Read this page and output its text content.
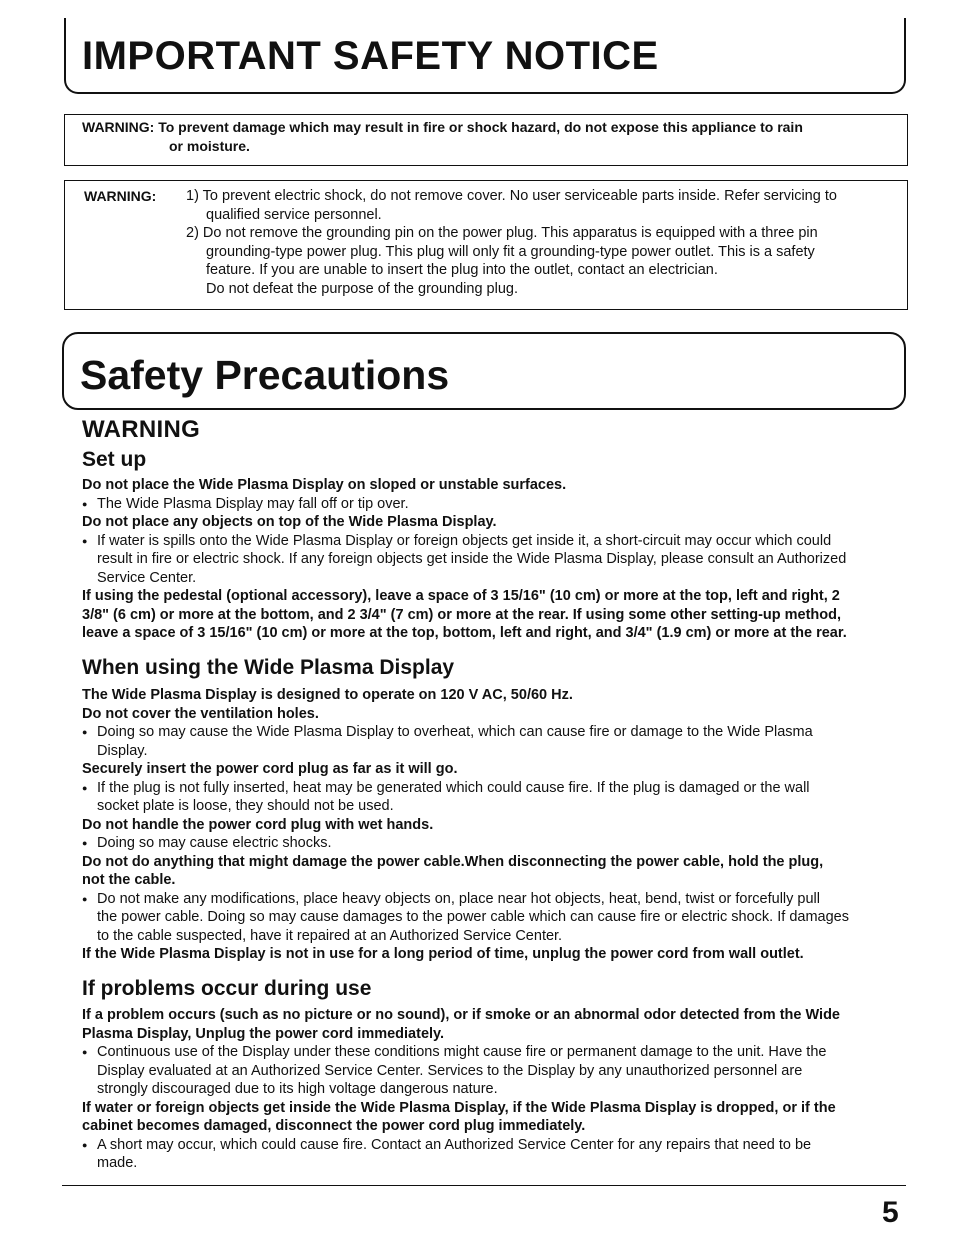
IMPORTANT SAFETY NOTICE
WARNING: To prevent damage which may result in fire or shock hazard, do not expose this appliance to rain
or moisture.
WARNING: 1) To prevent electric shock, do not remove cover. No user serviceable parts inside. Refer servicing to
qualified service personnel.
2) Do not remove the grounding pin on the power plug. This apparatus is equipped with a three pin
grounding-type power plug. This plug will only fit a grounding-type power outlet. This is a safety
feature. If you are unable to insert the plug into the outlet, contact an electrician.
Do not defeat the purpose of the grounding plug.
Safety Precautions
WARNING
Set up
Do not place the Wide Plasma Display on sloped or unstable surfaces.
● The Wide Plasma Display may fall off or tip over.
Do not place any objects on top of the Wide Plasma Display.
● If water is spills onto the Wide Plasma Display or foreign objects get inside it, a short-circuit may occur which could
result in fire or electric shock. If any foreign objects get inside the Wide Plasma Display, please consult an Authorized
Service Center.
If using the pedestal (optional accessory), leave a space of 3 15/16" (10 cm) or more at the top, left and right, 2
3/8" (6 cm) or more at the bottom, and 2 3/4" (7 cm) or more at the rear. If using some other setting-up method,
leave a space of 3 15/16" (10 cm) or more at the top, bottom, left and right, and 3/4" (1.9 cm) or more at the rear.
When using the Wide Plasma Display
The Wide Plasma Display is designed to operate on 120 V AC, 50/60 Hz.
Do not cover the ventilation holes.
● Doing so may cause the Wide Plasma Display to overheat, which can cause fire or damage to the Wide Plasma
Display.
Securely insert the power cord plug as far as it will go.
● If the plug is not fully inserted, heat may be generated which could cause fire. If the plug is damaged or the wall
socket plate is loose, they should not be used.
Do not handle the power cord plug with wet hands.
● Doing so may cause electric shocks.
Do not do anything that might damage the power cable.When disconnecting the power cable, hold the plug,
not the cable.
● Do not make any modifications, place heavy objects on, place near hot objects, heat, bend, twist or forcefully pull
the power cable. Doing so may cause damages to the power cable which can cause fire or electric shock. If damages
to the cable suspected, have it repaired at an Authorized Service Center.
If the Wide Plasma Display is not in use for a long period of time, unplug the power cord from wall outlet.
If problems occur during use
If a problem occurs (such as no picture or no sound), or if smoke or an abnormal odor detected from the Wide
Plasma Display, Unplug the power cord immediately.
● Continuous use of the Display under these conditions might cause fire or permanent damage to the unit. Have the
Display evaluated at an Authorized Service Center. Services to the Display by any unauthorized personnel are
strongly discouraged due to its high voltage dangerous nature.
If water or foreign objects get inside the Wide Plasma Display, if the Wide Plasma Display is dropped, or if the
cabinet becomes damaged, disconnect the power cord plug immediately.
● A short may occur, which could cause fire. Contact an Authorized Service Center for any repairs that need to be
made.
5
